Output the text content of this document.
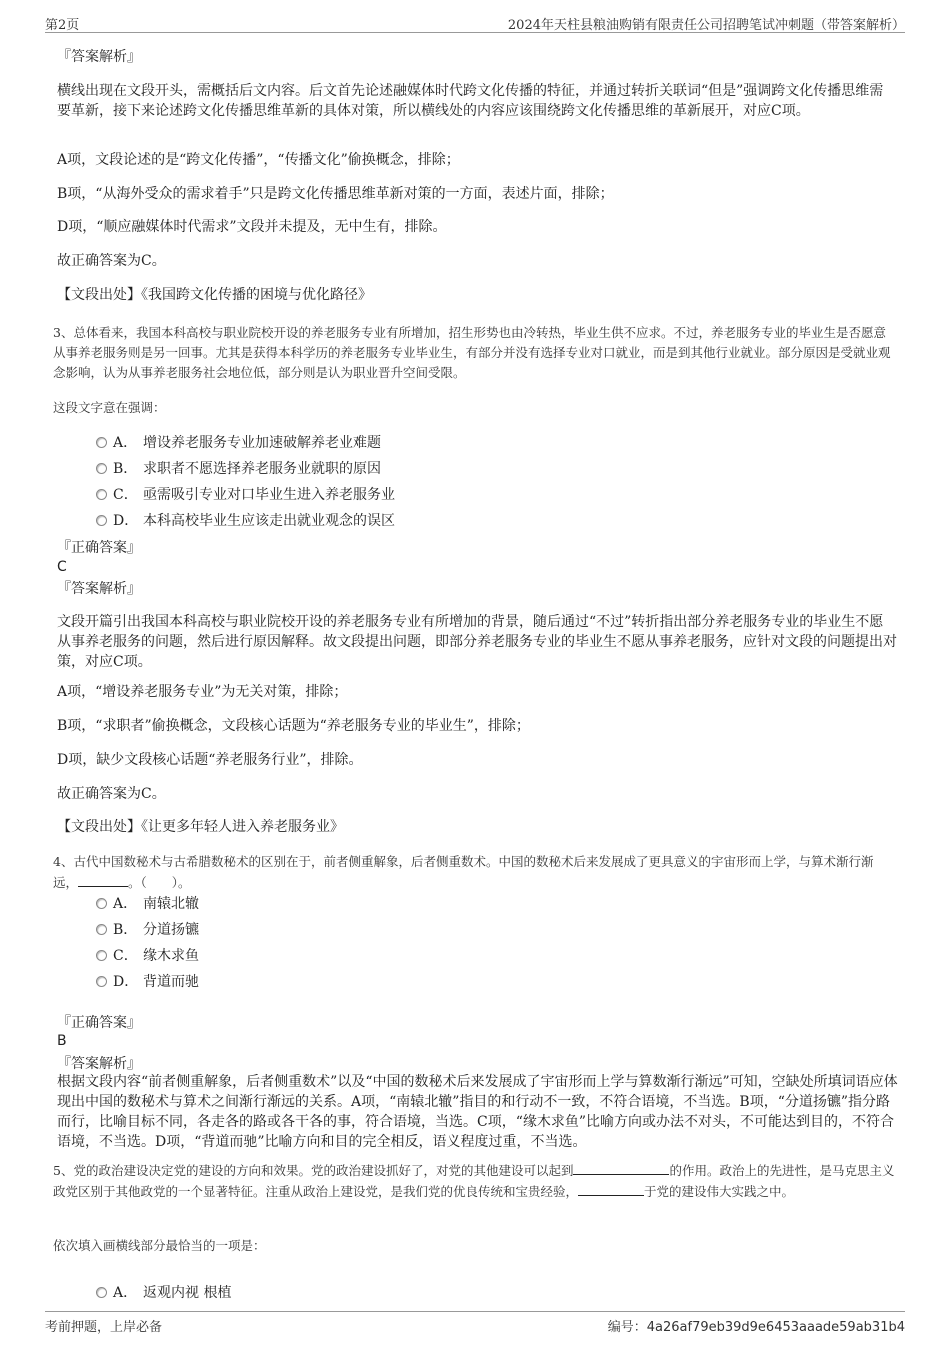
第2页	2024年天柱县粮油购销有限责任公司招聘笔试冲刺题（带答案解析）
『答案解析』
横线出现在文段开头，需概括后文内容。后文首先论述融媒体时代跨文化传播的特征，并通过转折关联词“但是”强调跨文化传播思维需要革新，接下来论述跨文化传播思维革新的具体对策，所以横线处的内容应该围绕跨文化传播思维的革新展开，对应C项。
A项，文段论述的是“跨文化传播”，“传播文化”偷换概念，排除；
B项，“从海外受众的需求着手”只是跨文化传播思维革新对策的一方面，表述片面，排除；
D项，“顺应融媒体时代需求”文段并未提及，无中生有，排除。
故正确答案为C。
【文段出处】《我国跨文化传播的困境与优化路径》
3、总体看来，我国本科高校与职业院校开设的养老服务专业有所增加，招生形势也由冷转热，毕业生供不应求。不过，养老服务专业的毕业生是否愿意从事养老服务则是另一回事。尤其是获得本科学历的养老服务专业毕业生，有部分并没有选择专业对口就业，而是到其他行业就业。部分原因是受就业观念影响，认为从事养老服务社会地位低，部分则是认为职业晋升空间受限。
这段文字意在强调：
A． 增设养老服务专业加速破解养老业难题
B． 求职者不愿选择养老服务业就职的原因
C． 亟需吸引专业对口毕业生进入养老服务业
D． 本科高校毕业生应该走出就业观念的误区
『正确答案』
C
『答案解析』
文段开篇引出我国本科高校与职业院校开设的养老服务专业有所增加的背景，随后通过“不过”转折指出部分养老服务专业的毕业生不愿从事养老服务的问题，然后进行原因解释。故文段提出问题，即部分养老服务专业的毕业生不愿从事养老服务，应针对文段的问题提出对策，对应C项。
A项，“增设养老服务专业”为无关对策，排除；
B项，“求职者”偷换概念，文段核心话题为“养老服务专业的毕业生”，排除；
D项，缺少文段核心话题“养老服务行业”，排除。
故正确答案为C。
【文段出处】《让更多年轻人进入养老服务业》
4、古代中国数秘术与古希腊数秘术的区别在于，前者侧重解象，后者侧重数术。中国的数秘术后来发展成了更具意义的宇宙形而上学，与算术渐行渐远，	。（　　）。
A． 南辕北辙
B． 分道扬镳
C． 缘木求鱼
D． 背道而驰
『正确答案』
B
『答案解析』
根据文段内容“前者侧重解象，后者侧重数术”以及“中国的数秘术后来发展成了宇宙形而上学与算数渐行渐远”可知，空缺处所填词语应体现出中国的数秘术与算术之间渐行渐远的关系。A项，“南辕北辙”指目的和行动不一致，不符合语境，不当选。B项，“分道扬镳”指分路而行，比喻目标不同，各走各的路或各干各的事，符合语境，当选。C项，“缘木求鱼”比喻方向或办法不对头，不可能达到目的，不符合语境，不当选。D项，“背道而驰”比喻方向和目的完全相反，语义程度过重，不当选。
5、党的政治建设决定党的建设的方向和效果。党的政治建设抓好了，对党的其他建设可以起到	的作用。政治上的先进性，是马克思主义政党区别于其他政党的一个显著特征。注重从政治上建设党，是我们党的优良传统和宝贵经验，	于党的建设伟大实践之中。
依次填入画横线部分最恰当的一项是：
A． 返观内视 根植
考前押题，上岸必备	编号：4a26af79eb39d9e6453aaade59ab31b4
